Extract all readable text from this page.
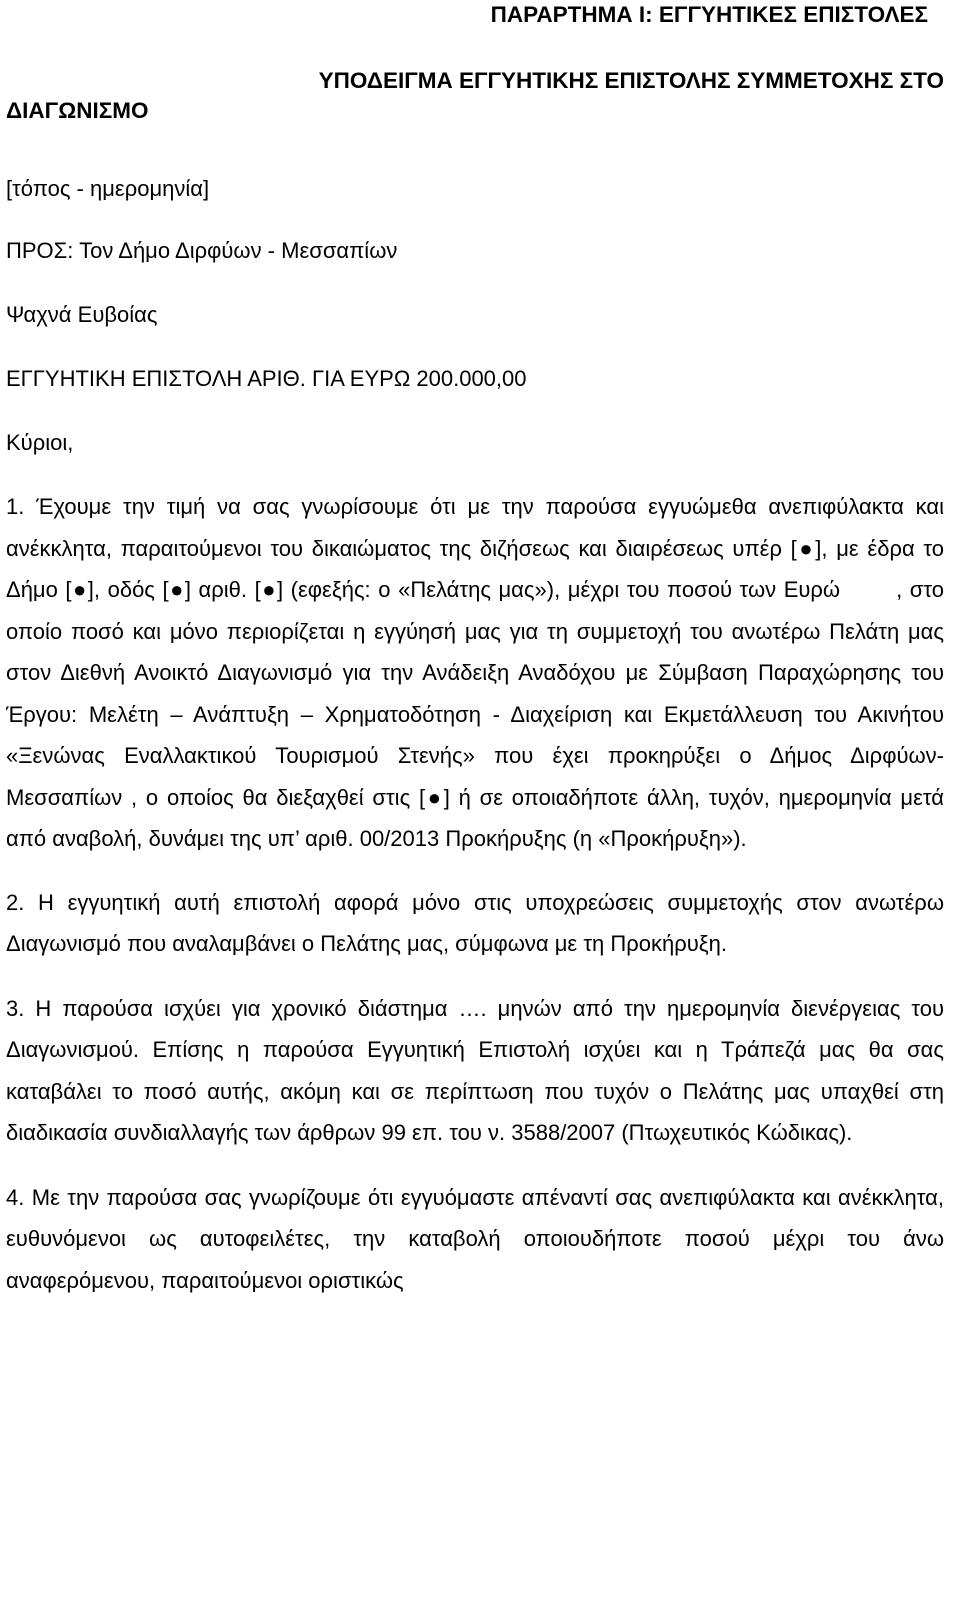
ΠΑΡΑΡΤΗΜΑ Ι: ΕΓΓΥΗΤΙΚΕΣ ΕΠΙΣΤΟΛΕΣ
ΥΠΟΔΕΙΓΜΑ ΕΓΓΥΗΤΙΚΗΣ ΕΠΙΣΤΟΛΗΣ ΣΥΜΜΕΤΟΧΗΣ ΣΤΟ
ΔΙΑΓΩΝΙΣΜΟ

[τόπος - ημερομηνία]

ΠΡΟΣ: Τον Δήμο Διρφύων - Μεσσαπίων

Ψαχνά Ευβοίας

ΕΓΓΥΗΤΙΚΗ ΕΠΙΣΤΟΛΗ ΑΡΙΘ. ΓΙΑ ΕΥΡΩ 200.000,00

Κύριοι,

1. Έχουμε την τιμή να σας γνωρίσουμε ότι με την παρούσα εγγυώμεθα ανεπιφύλακτα και ανέκκλητα, παραιτούμενοι του δικαιώματος της διζήσεως και διαιρέσεως υπέρ [●], με έδρα το Δήμο [●], οδός [●] αριθ. [●] (εφεξής: ο «Πελάτης μας»), μέχρι του ποσού των Ευρώ	, στο οποίο ποσό και μόνο περιορίζεται η εγγύησή μας για τη συμμετοχή του ανωτέρω Πελάτη μας στον Διεθνή Ανοικτό Διαγωνισμό για την Ανάδειξη Αναδόχου με Σύμβαση Παραχώρησης του Έργου: Μελέτη – Ανάπτυξη – Χρηματοδότηση - Διαχείριση και Εκμετάλλευση του Ακινήτου «Ξενώνας Εναλλακτικού Τουρισμού Στενής» που έχει προκηρύξει ο Δήμος Διρφύων- Μεσσαπίων , ο οποίος θα διεξαχθεί στις [●] ή σε οποιαδήποτε άλλη, τυχόν, ημερομηνία μετά από αναβολή, δυνάμει της υπ’ αριθ. 00/2013 Προκήρυξης (η «Προκήρυξη»).

2. Η εγγυητική αυτή επιστολή αφορά μόνο στις υποχρεώσεις συμμετοχής στον ανωτέρω Διαγωνισμό που αναλαμβάνει ο Πελάτης μας, σύμφωνα με τη Προκήρυξη.

3. Η παρούσα ισχύει για χρονικό διάστημα …. μηνών από την ημερομηνία διενέργειας του Διαγωνισμού. Επίσης η παρούσα Εγγυητική Επιστολή ισχύει και η Τράπεζά μας θα σας καταβάλει το ποσό αυτής, ακόμη και σε περίπτωση που τυχόν ο Πελάτης μας υπαχθεί στη διαδικασία συνδιαλλαγής των άρθρων 99 επ. του ν. 3588/2007 (Πτωχευτικός Κώδικας).

4. Με την παρούσα σας γνωρίζουμε ότι εγγυόμαστε απέναντί σας ανεπιφύλακτα και ανέκκλητα, ευθυνόμενοι ως αυτοφειλέτες, την καταβολή οποιουδήποτε ποσού μέχρι του άνω αναφερόμενου, παραιτούμενοι οριστικώς
